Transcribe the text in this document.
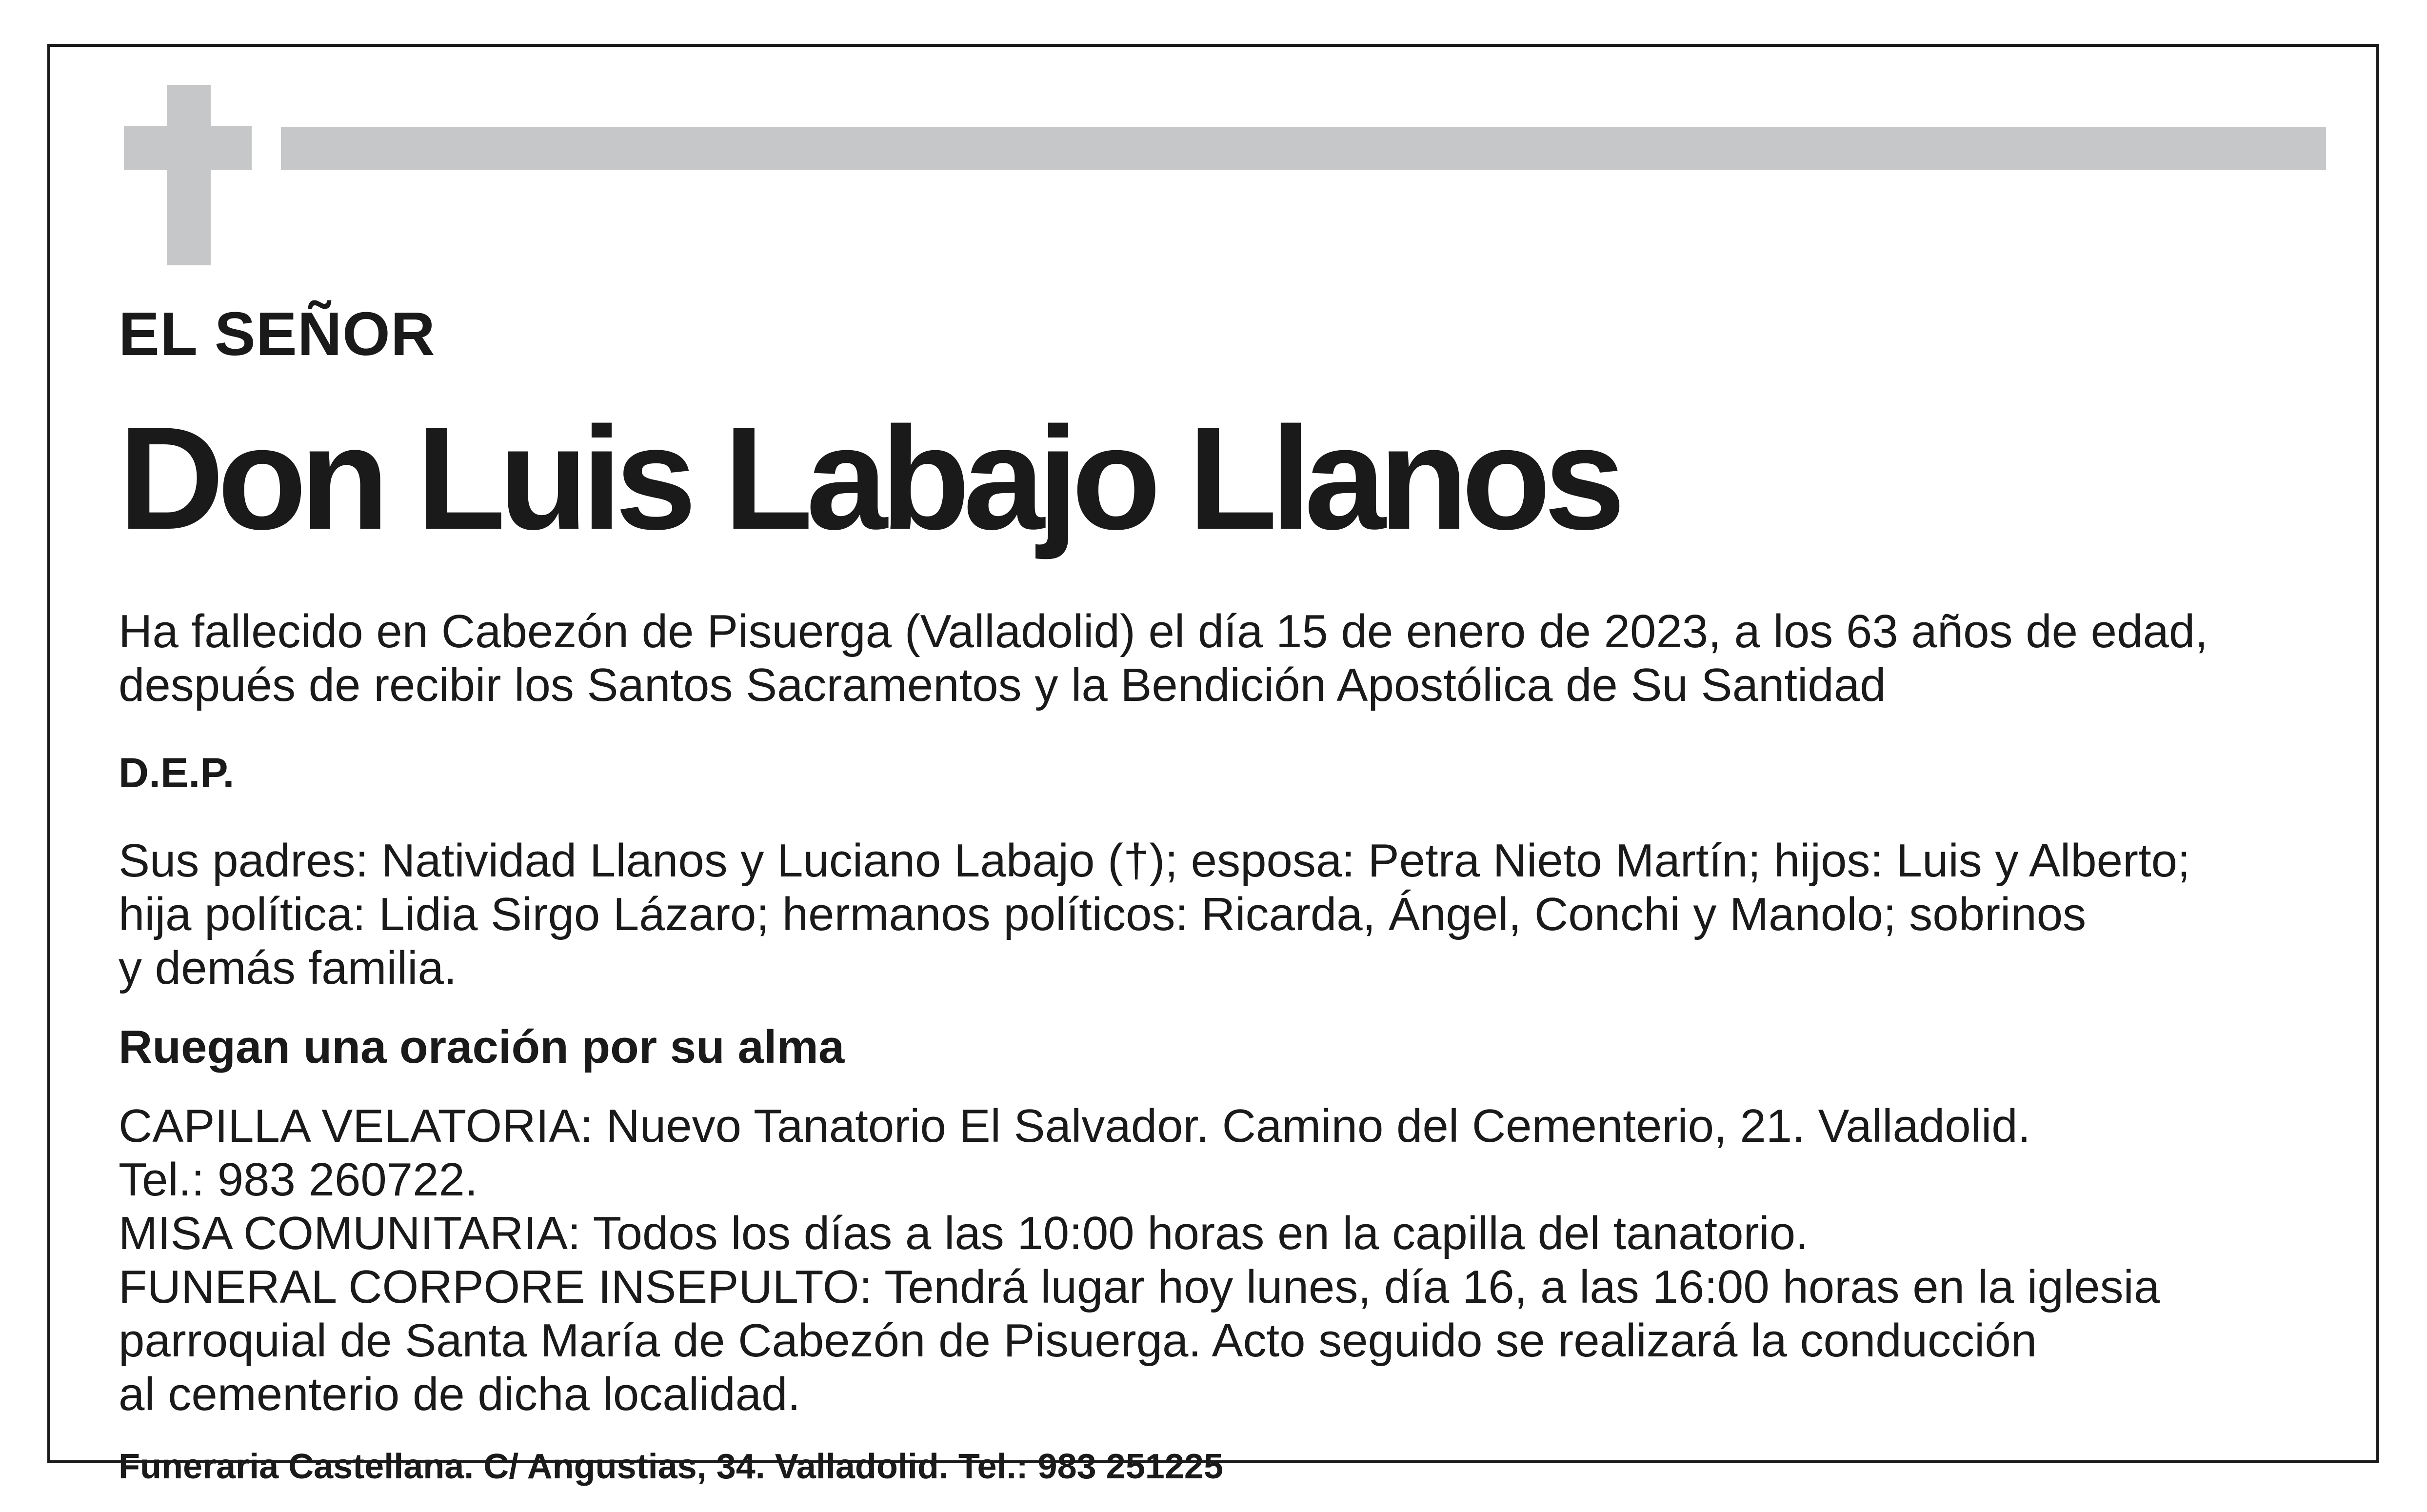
EL SEÑOR

Don Luis Labajo Llanos

Ha fallecido en Cabezón de Pisuerga (Valladolid) el día 15 de enero de 2023, a los 63 años de edad,
después de recibir los Santos Sacramentos y la Bendición Apostólica de Su Santidad

D.E.P.

Sus padres: Natividad Llanos y Luciano Labajo (†); esposa: Petra Nieto Martín; hijos: Luis y Alberto;
hija política: Lidia Sirgo Lázaro; hermanos políticos: Ricarda, Ángel, Conchi y Manolo; sobrinos
y demás familia.

Ruegan una oración por su alma

CAPILLA VELATORIA: Nuevo Tanatorio El Salvador. Camino del Cementerio, 21. Valladolid.
Tel.: 983 260722.
MISA COMUNITARIA: Todos los días a las 10:00 horas en la capilla del tanatorio.
FUNERAL CORPORE INSEPULTO: Tendrá lugar hoy lunes, día 16, a las 16:00 horas en la iglesia
parroquial de Santa María de Cabezón de Pisuerga. Acto seguido se realizará la conducción
al cementerio de dicha localidad.

Funeraria Castellana. C/ Angustias, 34. Valladolid. Tel.: 983 251225
